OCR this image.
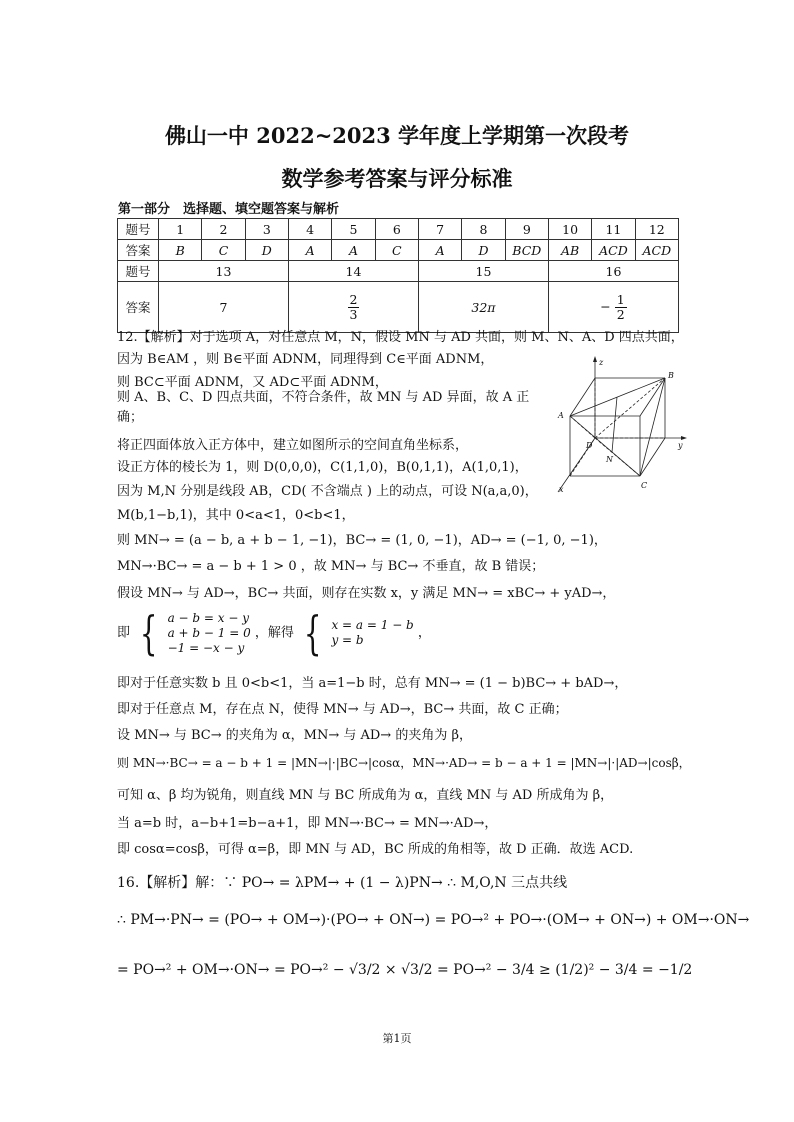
佛山一中 2022~2023 学年度上学期第一次段考
数学参考答案与评分标准
第一部分　选择题、填空题答案与解析
题号	1	2	3	4	5	6	7	8	9	10	11	12
答案	B	C	D	A	A	C	A	D	BCD	AB	ACD	ACD
题号	13			14			15			16		
答案	7			$\frac{2}{3}$			32π			− $\frac{1}{2}$
12.【解析】对于选项 A，对任意点 M，N，假设 MN 与 AD 共面，则 M、N、A、D 四点共面，
因为 B∈AM ，则 B∈平面 ADNM，同理得到 C∈平面 ADNM，
则 BC⊂平面 ADNM，又 AD⊂平面 ADNM，
则 A、B、C、D 四点共面，不符合条件，故 MN 与 AD 异面，故 A 正确；
将正四面体放入正方体中，建立如图所示的空间直角坐标系，
设正方体的棱长为 1，则 D(0,0,0)，C(1,1,0)，B(0,1,1)，A(1,0,1)，
因为 M,N 分别是线段 AB，CD( 不含端点 ) 上的动点，可设 N(a,a,0)，
M(b,1−b,1)，其中 0<a<1，0<b<1，
则 MN→ = (a − b, a + b − 1, −1)，BC→ = (1, 0, −1)，AD→ = (−1, 0, −1)，
MN→·BC→ = a − b + 1 > 0 ，故 MN→ 与 BC→ 不垂直，故 B 错误；
假设 MN→ 与 AD→，BC→ 共面，则存在实数 x，y 满足 MN→ = xBC→ + yAD→，
即 { a − b = x − y
a + b − 1 = 0
−1 = −x − y
，解得 { x = a = 1 − b
y = b	，
即对于任意实数 b 且 0<b<1，当 a=1−b 时，总有 MN→ = (1 − b)BC→ + bAD→，
即对于任意点 M，存在点 N，使得 MN→ 与 AD→，BC→ 共面，故 C 正确；
设 MN→ 与 BC→ 的夹角为 α，MN→ 与 AD→ 的夹角为 β，
则 MN→·BC→ = a − b + 1 = |MN→|·|BC→|cosα，MN→·AD→ = b − a + 1 = |MN→|·|AD→|cosβ，
可知 α、β 均为锐角，则直线 MN 与 BC 所成角为 α，直线 MN 与 AD 所成角为 β，
当 a=b 时，a−b+1=b−a+1，即 MN→·BC→ = MN→·AD→，
即 cosα=cosβ，可得 α=β，即 MN 与 AD，BC 所成的角相等，故 D 正确．故选 ACD.
z
y
x
A
B
C
D
N
16.【解析】解：∵ PO→ = λPM→ + (1 − λ)PN→ ∴ M,O,N 三点共线
∴ PM→·PN→ = (PO→ + OM→)·(PO→ + ON→) = PO→² + PO→·(OM→ + ON→) + OM→·ON→
= PO→² + OM→·ON→ = PO→² − √3/2 × √3/2 = PO→² − 3/4 ≥ (1/2)² − 3/4 = −1/2
第1页
